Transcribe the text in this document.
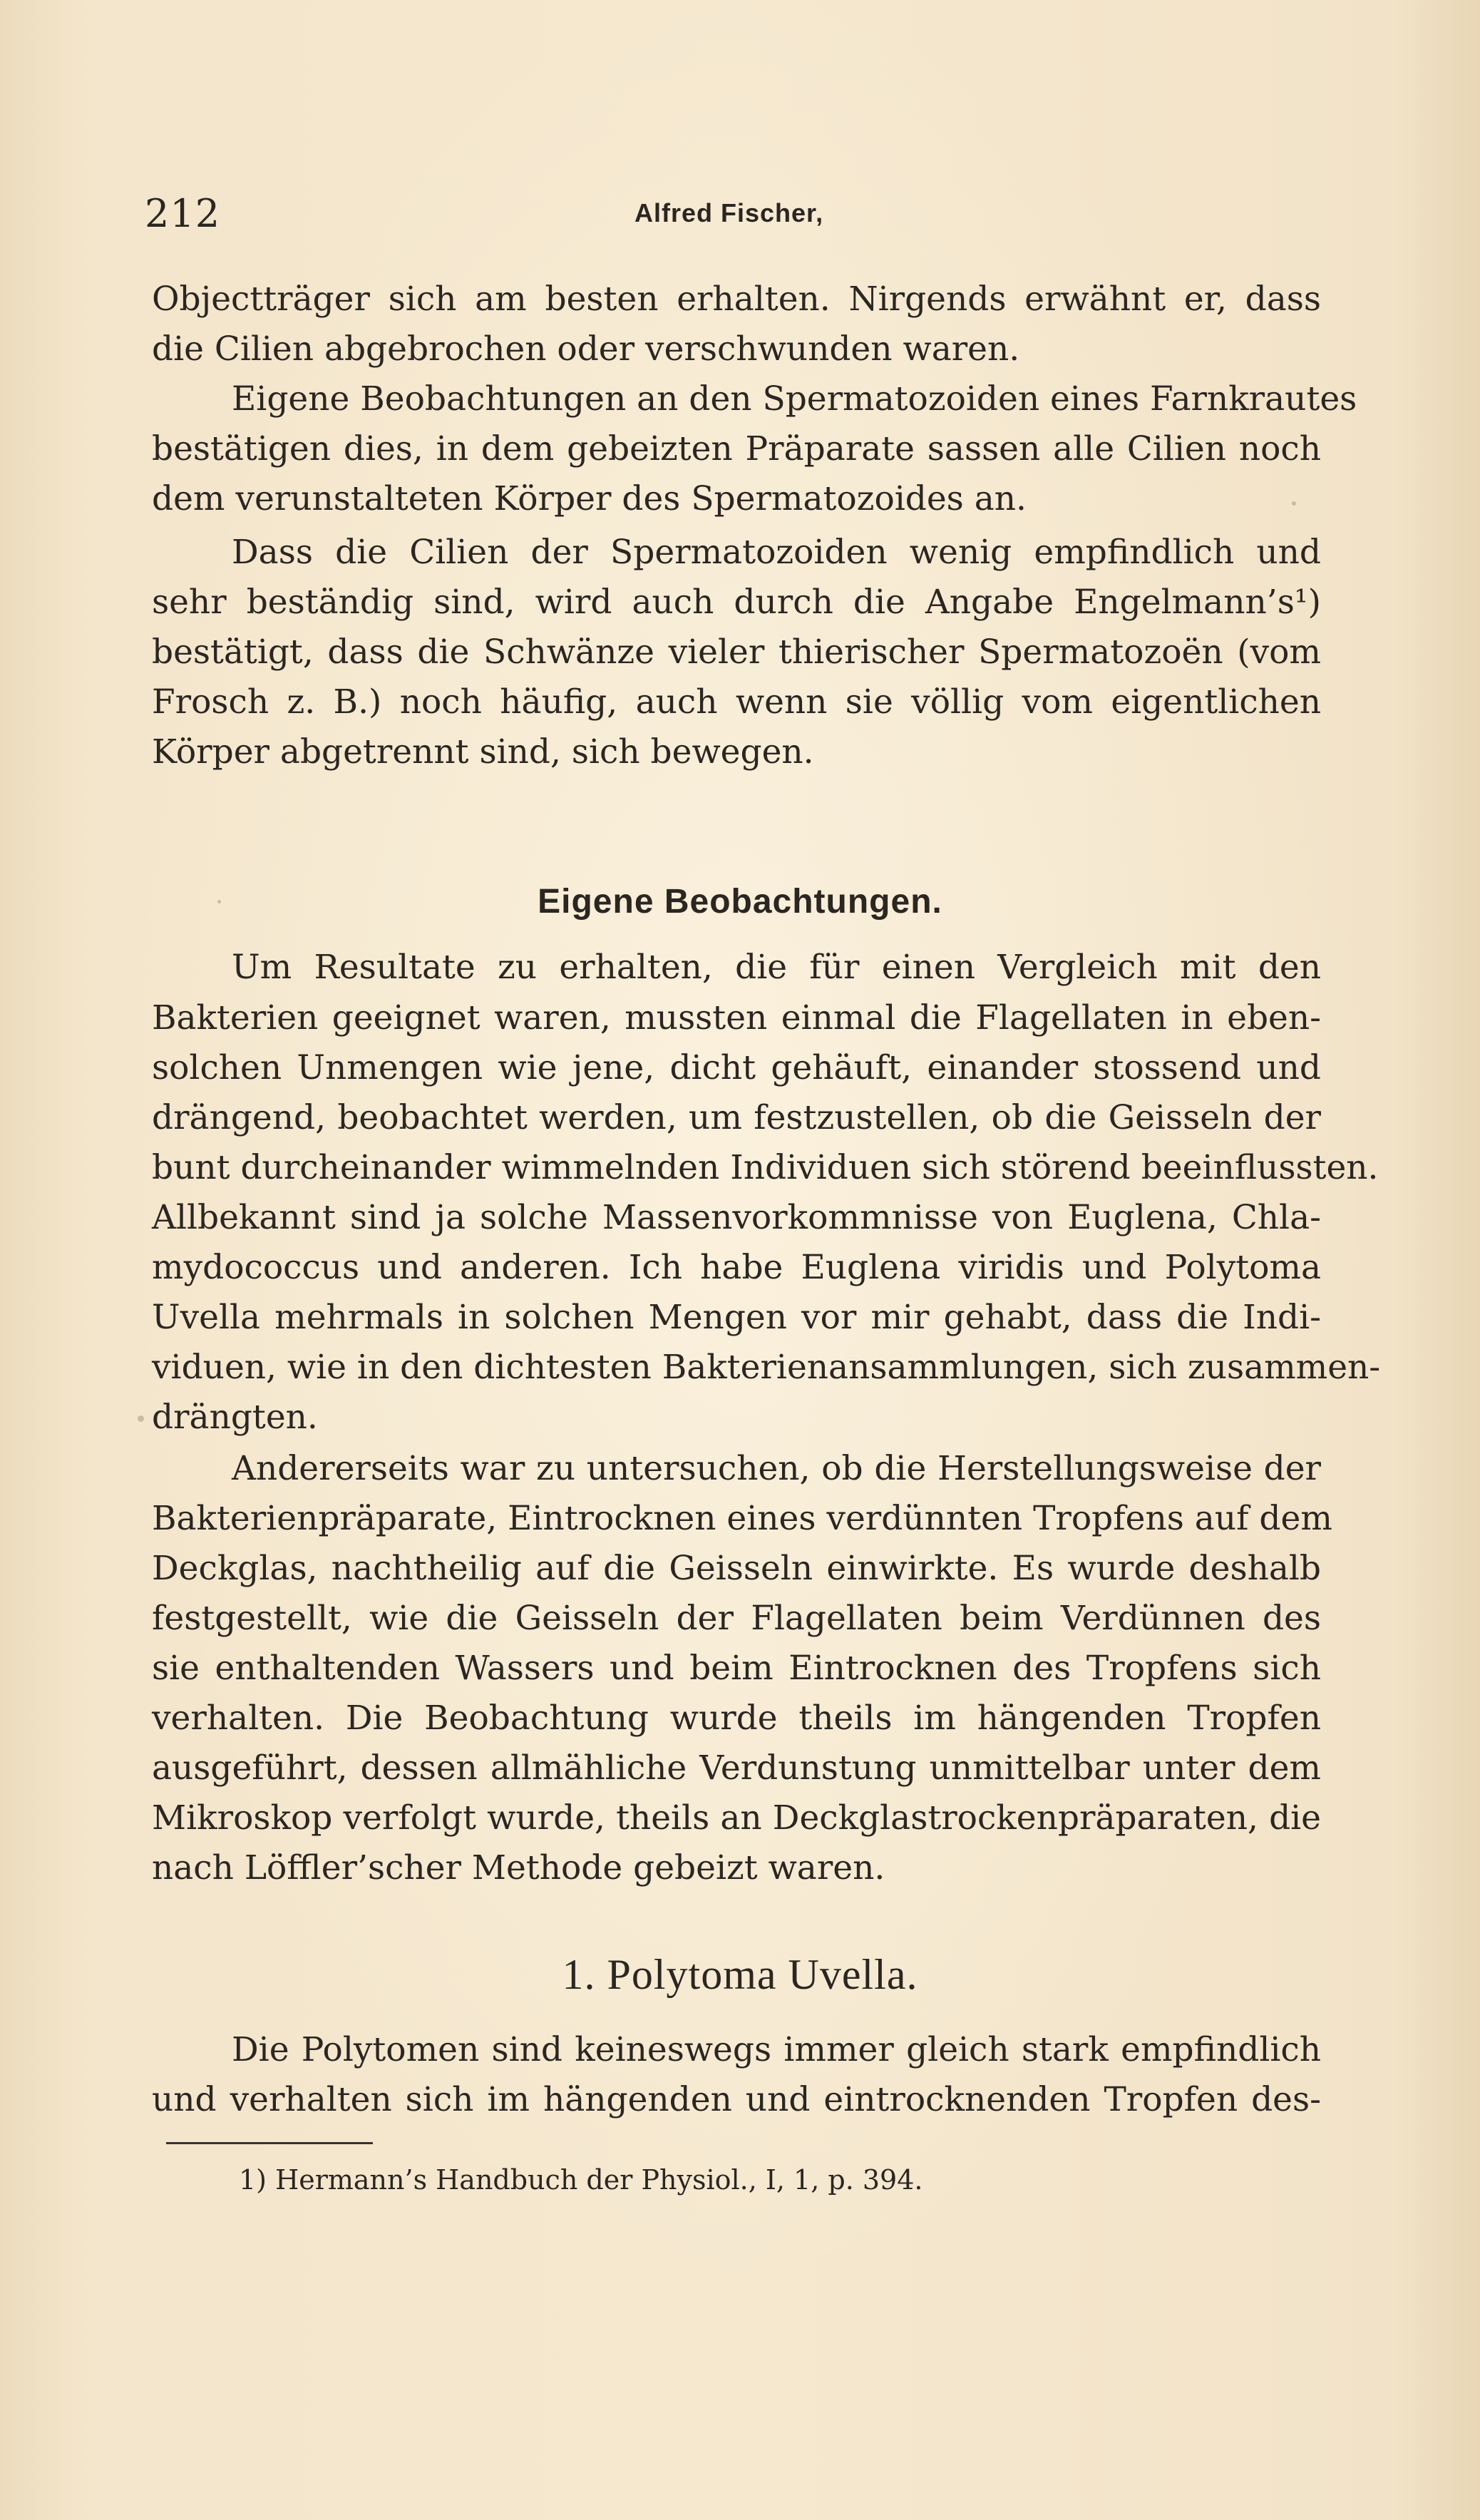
212	Alfred Fischer,
Objectträger sich am besten erhalten. Nirgends erwähnt er, dass
die Cilien abgebrochen oder verschwunden waren.
Eigene Beobachtungen an den Spermatozoiden eines Farnkrautes
bestätigen dies, in dem gebeizten Präparate sassen alle Cilien noch
dem verunstalteten Körper des Spermatozoides an.
Dass die Cilien der Spermatozoiden wenig empfindlich und
sehr beständig sind, wird auch durch die Angabe Engelmann’s¹)
bestätigt, dass die Schwänze vieler thierischer Spermatozoën (vom
Frosch z. B.) noch häufig, auch wenn sie völlig vom eigentlichen
Körper abgetrennt sind, sich bewegen.
Eigene Beobachtungen.
Um Resultate zu erhalten, die für einen Vergleich mit den
Bakterien geeignet waren, mussten einmal die Flagellaten in eben-
solchen Unmengen wie jene, dicht gehäuft, einander stossend und
drängend, beobachtet werden, um festzustellen, ob die Geisseln der
bunt durcheinander wimmelnden Individuen sich störend beeinflussten.
Allbekannt sind ja solche Massenvorkommnisse von Euglena, Chla-
mydococcus und anderen. Ich habe Euglena viridis und Polytoma
Uvella mehrmals in solchen Mengen vor mir gehabt, dass die Indi-
viduen, wie in den dichtesten Bakterienansammlungen, sich zusammen-
drängten.
Andererseits war zu untersuchen, ob die Herstellungsweise der
Bakterienpräparate, Eintrocknen eines verdünnten Tropfens auf dem
Deckglas, nachtheilig auf die Geisseln einwirkte. Es wurde deshalb
festgestellt, wie die Geisseln der Flagellaten beim Verdünnen des
sie enthaltenden Wassers und beim Eintrocknen des Tropfens sich
verhalten. Die Beobachtung wurde theils im hängenden Tropfen
ausgeführt, dessen allmähliche Verdunstung unmittelbar unter dem
Mikroskop verfolgt wurde, theils an Deckglastrockenpräparaten, die
nach Löffler’scher Methode gebeizt waren.
1. Polytoma Uvella.
Die Polytomen sind keineswegs immer gleich stark empfindlich
und verhalten sich im hängenden und eintrocknenden Tropfen des-
1) Hermann’s Handbuch der Physiol., I, 1, p. 394.
